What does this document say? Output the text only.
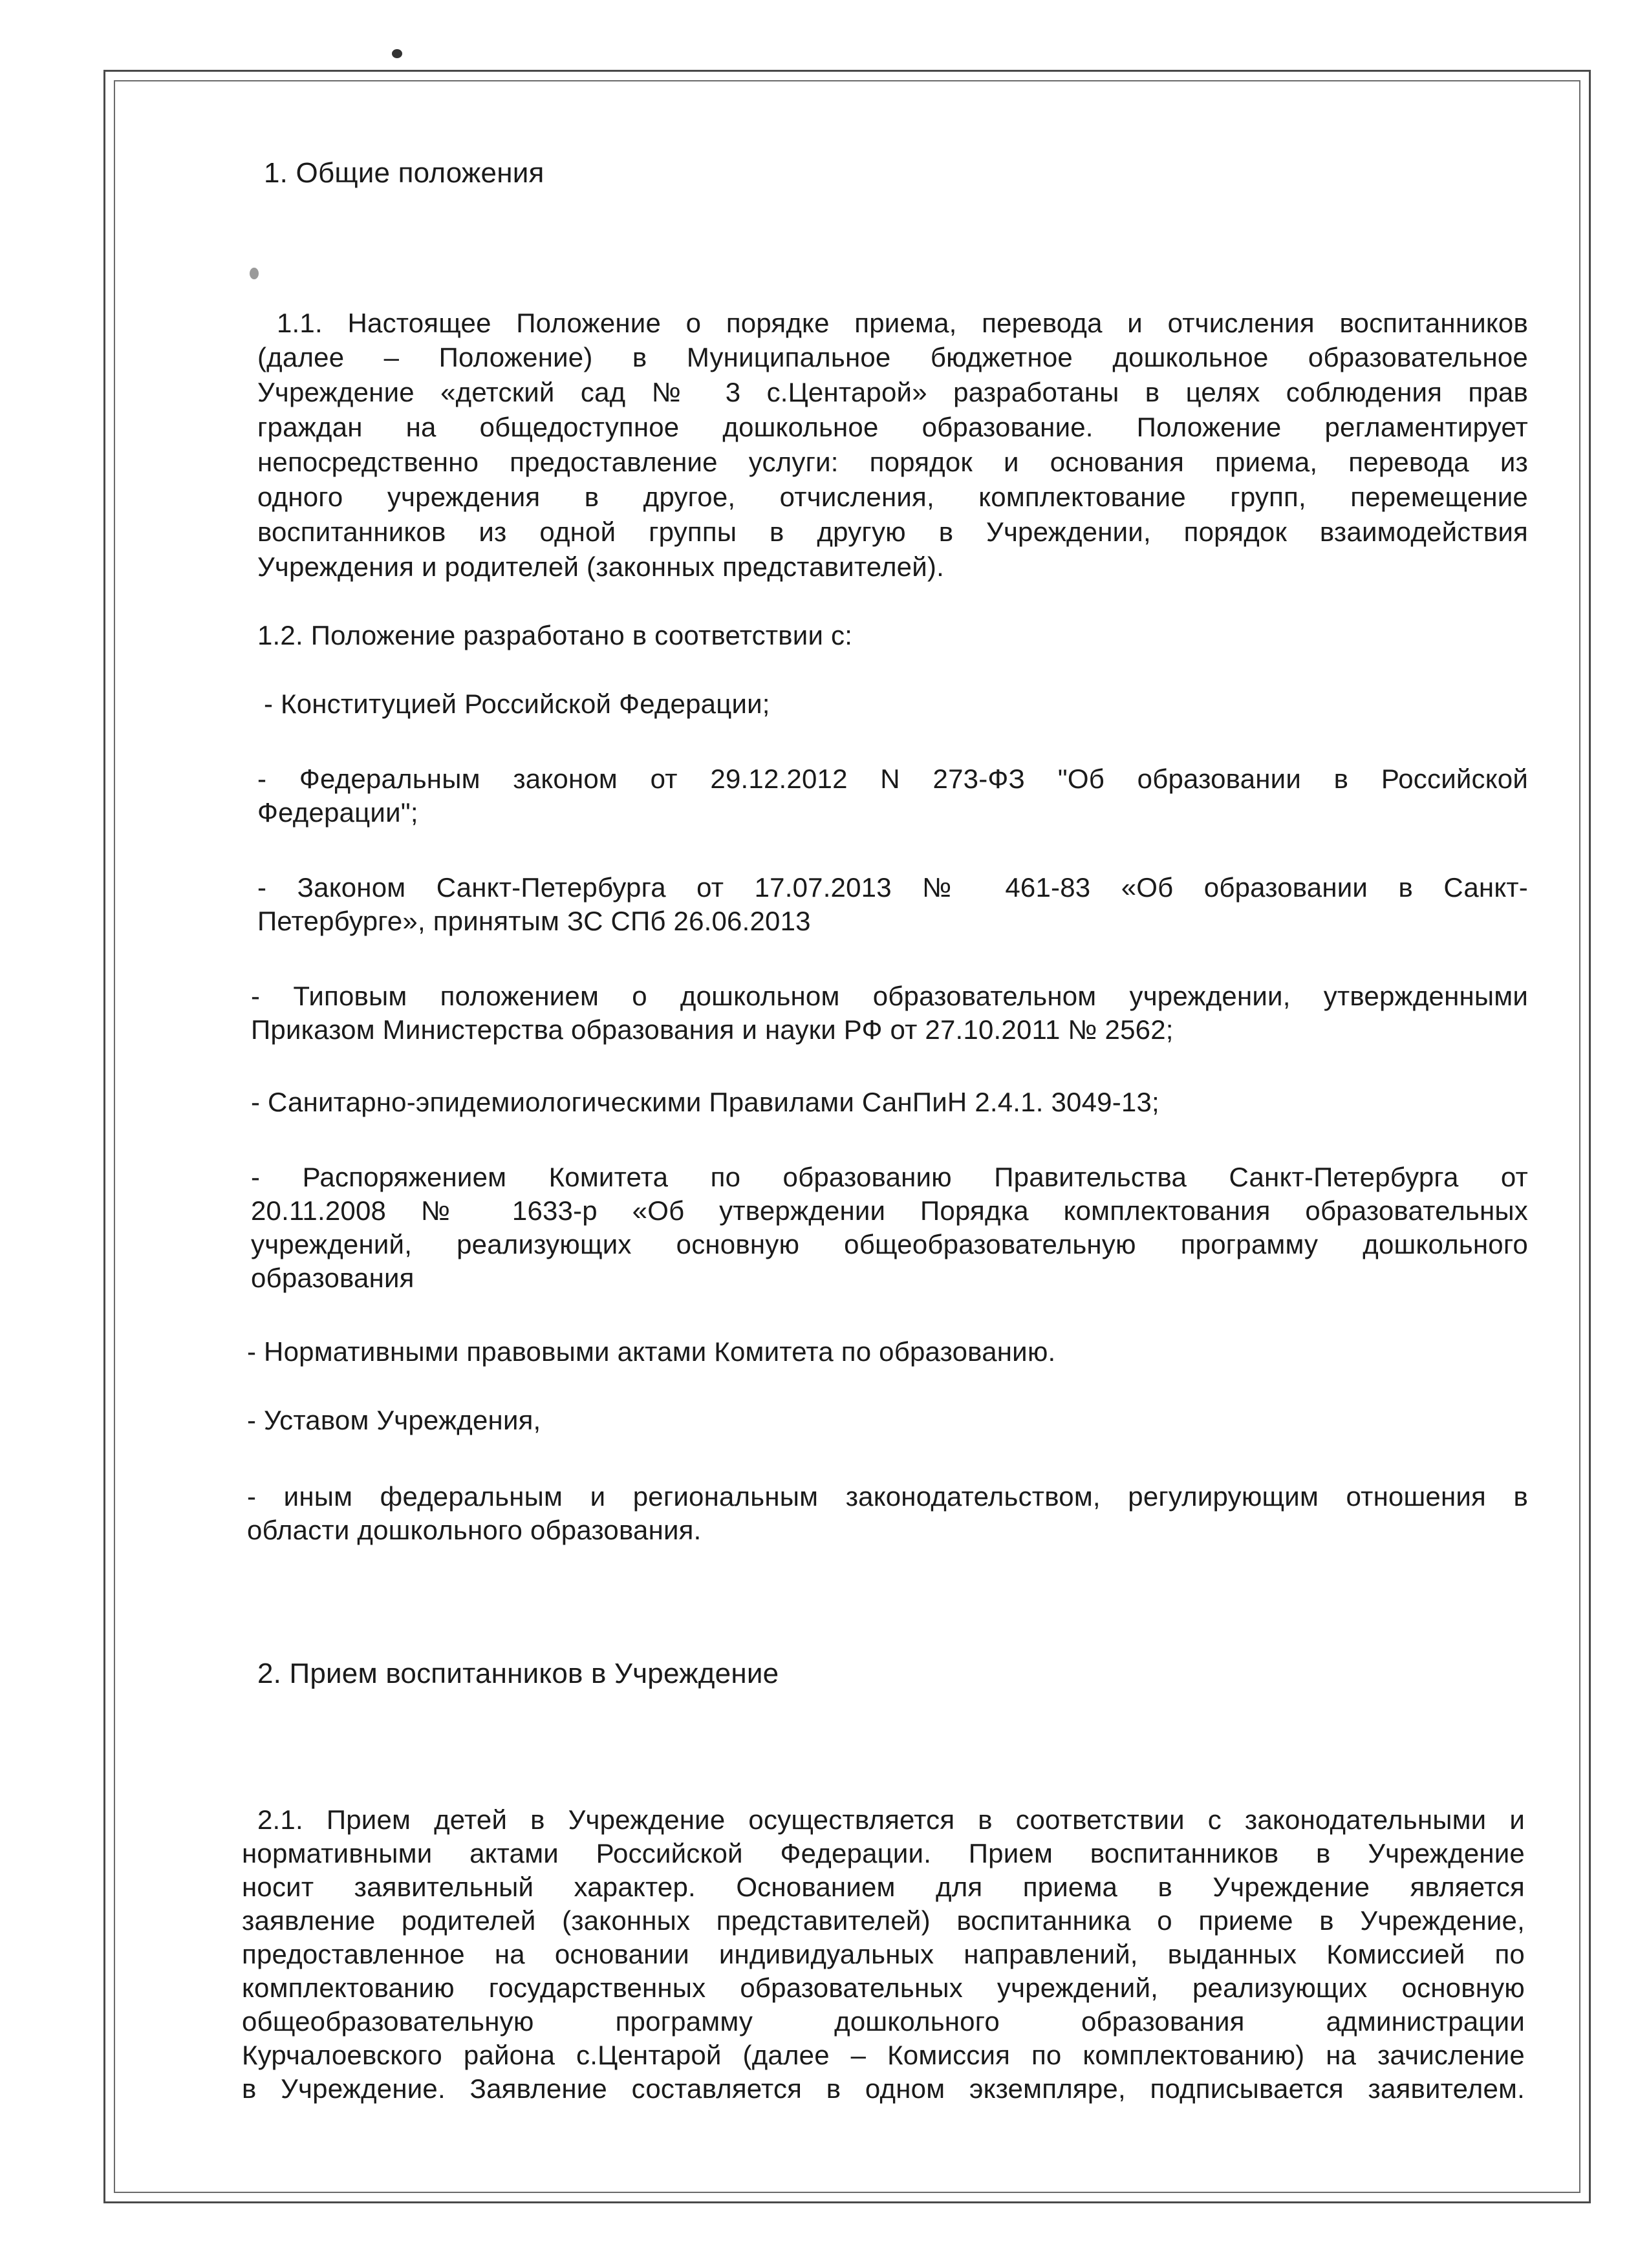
1. Общие положения
1.1. Настоящее Положение о порядке приема, перевода и отчисления воспитанников
(далее – Положение) в Муниципальное бюджетное дошкольное образовательное
Учреждение «детский сад № 3 с.Центарой» разработаны в целях соблюдения прав
граждан на общедоступное дошкольное образование. Положение регламентирует
непосредственно предоставление услуги: порядок и основания приема, перевода из
одного учреждения в другое, отчисления, комплектование групп, перемещение
воспитанников из одной группы в другую в Учреждении, порядок взаимодействия
Учреждения и родителей (законных представителей).
1.2. Положение разработано в соответствии с:
- Конституцией Российской Федерации;
- Федеральным законом от 29.12.2012 N 273-ФЗ "Об образовании в Российской
Федерации";
- Законом Санкт-Петербурга от 17.07.2013 № 461-83 «Об образовании в Санкт-
Петербурге», принятым ЗС СПб 26.06.2013
- Типовым положением о дошкольном образовательном учреждении, утвержденными
Приказом Министерства образования и науки РФ от 27.10.2011 № 2562;
- Санитарно-эпидемиологическими Правилами СанПиН 2.4.1. 3049-13;
- Распоряжением Комитета по образованию Правительства Санкт-Петербурга от
20.11.2008 № 1633-р «Об утверждении Порядка комплектования образовательных
учреждений, реализующих основную общеобразовательную программу дошкольного
образования
- Нормативными правовыми актами Комитета по образованию.
- Уставом Учреждения,
- иным федеральным и региональным законодательством, регулирующим отношения в
области дошкольного образования.
2. Прием воспитанников в Учреждение
2.1. Прием детей в Учреждение осуществляется в соответствии с законодательными и
нормативными актами Российской Федерации. Прием воспитанников в Учреждение
носит заявительный характер. Основанием для приема в Учреждение является
заявление родителей (законных представителей) воспитанника о приеме в Учреждение,
предоставленное на основании индивидуальных направлений, выданных Комиссией по
комплектованию государственных образовательных учреждений, реализующих основную
общеобразовательную программу дошкольного образования администрации
Курчалоевского района с.Центарой (далее – Комиссия по комплектованию) на зачисление
в Учреждение. Заявление составляется в одном экземпляре, подписывается заявителем.
